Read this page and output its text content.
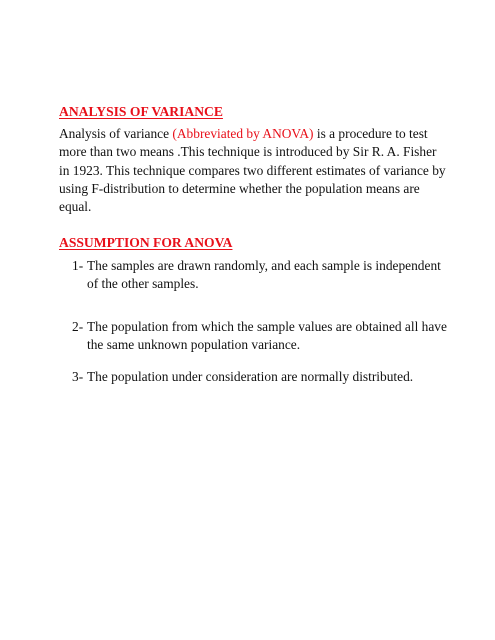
ANALYSIS OF VARIANCE
Analysis of variance (Abbreviated by ANOVA) is a procedure to test
more than two means .This technique is introduced by Sir R. A. Fisher
in 1923. This technique compares two different estimates of variance by
using F-distribution to determine whether the population means are
equal.
ASSUMPTION FOR ANOVA
1- The samples are drawn randomly, and each sample is independent
of the other samples.
2- The population from which the sample values are obtained all have
the same unknown population variance.
3- The population under consideration are normally distributed.
